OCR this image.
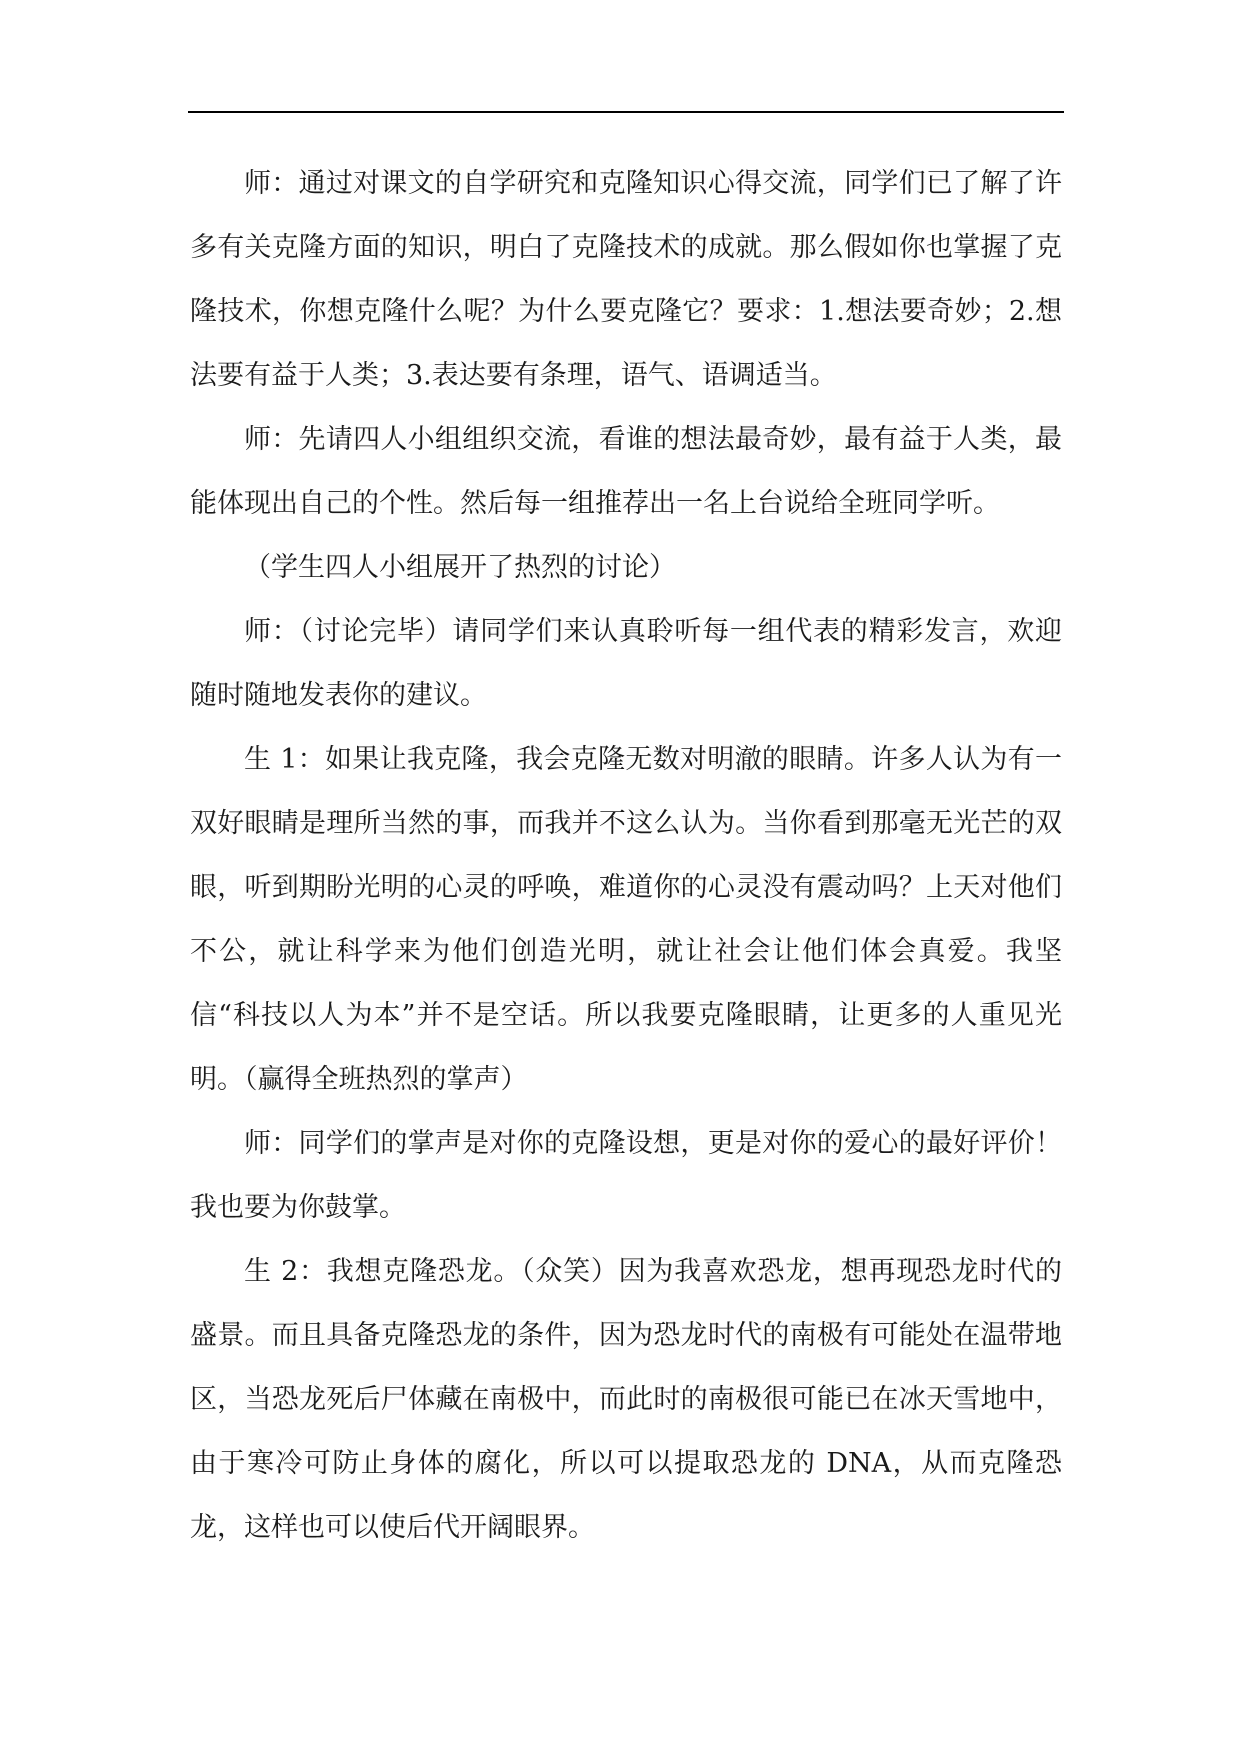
师：通过对课文的自学研究和克隆知识心得交流，同学们已了解了许多有关克隆方面的知识，明白了克隆技术的成就。那么假如你也掌握了克隆技术，你想克隆什么呢？为什么要克隆它？要求：1.想法要奇妙；2.想法要有益于人类；3.表达要有条理，语气、语调适当。

师：先请四人小组组织交流，看谁的想法最奇妙，最有益于人类，最能体现出自己的个性。然后每一组推荐出一名上台说给全班同学听。

（学生四人小组展开了热烈的讨论）

师：（讨论完毕）请同学们来认真聆听每一组代表的精彩发言，欢迎随时随地发表你的建议。

生 1：如果让我克隆，我会克隆无数对明澈的眼睛。许多人认为有一双好眼睛是理所当然的事，而我并不这么认为。当你看到那毫无光芒的双眼，听到期盼光明的心灵的呼唤，难道你的心灵没有震动吗？上天对他们不公，就让科学来为他们创造光明，就让社会让他们体会真爱。我坚信“科技以人为本”并不是空话。所以我要克隆眼睛，让更多的人重见光明。（赢得全班热烈的掌声）

师：同学们的掌声是对你的克隆设想，更是对你的爱心的最好评价！我也要为你鼓掌。

生 2：我想克隆恐龙。（众笑）因为我喜欢恐龙，想再现恐龙时代的盛景。而且具备克隆恐龙的条件，因为恐龙时代的南极有可能处在温带地区，当恐龙死后尸体藏在南极中，而此时的南极很可能已在冰天雪地中，由于寒冷可防止身体的腐化，所以可以提取恐龙的 DNA，从而克隆恐龙，这样也可以使后代开阔眼界。
